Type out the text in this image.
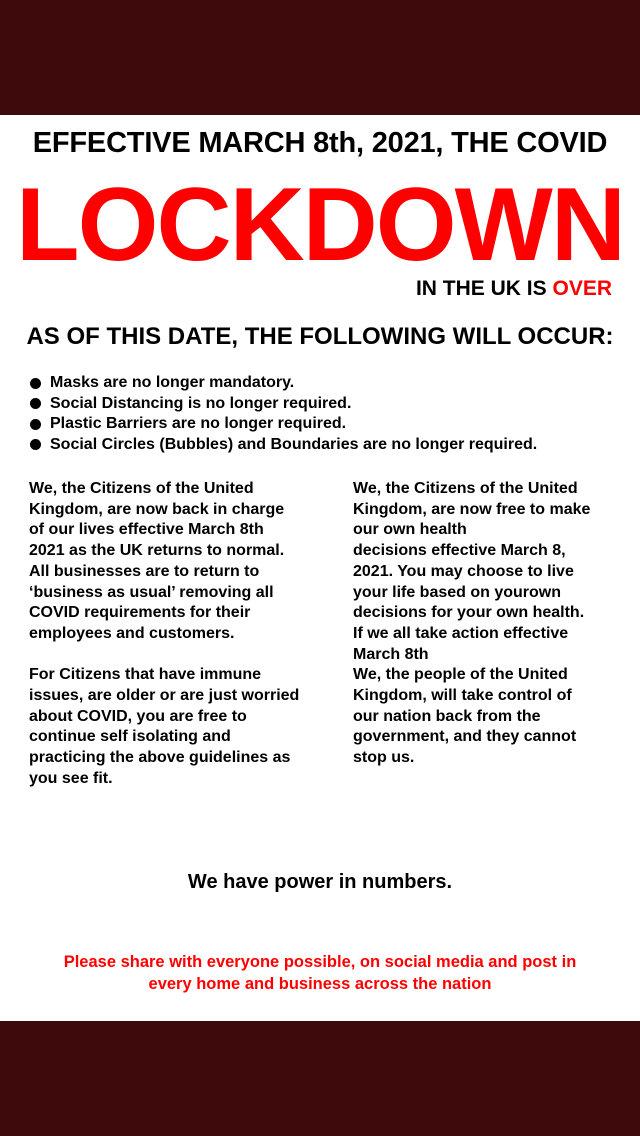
EFFECTIVE MARCH 8th, 2021, THE COVID
LOCKDOWN
IN THE UK IS OVER
AS OF THIS DATE, THE FOLLOWING WILL OCCUR:
Masks are no longer mandatory.
Social Distancing is no longer required.
Plastic Barriers are no longer required.
Social Circles (Bubbles) and Boundaries are no longer required.

We, the Citizens of the United

Kingdom, are now back in charge

of our lives effective March 8th

2021 as the UK returns to normal.

All businesses are to return to

‘business as usual’ removing all

COVID requirements for their

employees and customers.

For Citizens that have immune

issues, are older or are just worried

about COVID, you are free to

continue self isolating and

practicing the above guidelines as

you see fit.

We, the Citizens of the United

Kingdom, are now free to make

our own health

decisions effective March 8,

2021. You may choose to live

your life based on yourown

decisions for your own health.

If we all take action effective

March 8th

We, the people of the United

Kingdom, will take control of

our nation back from the

government, and they cannot

stop us.

We have power in numbers.
Please share with everyone possible, on social media and post in
every home and business across the nation
